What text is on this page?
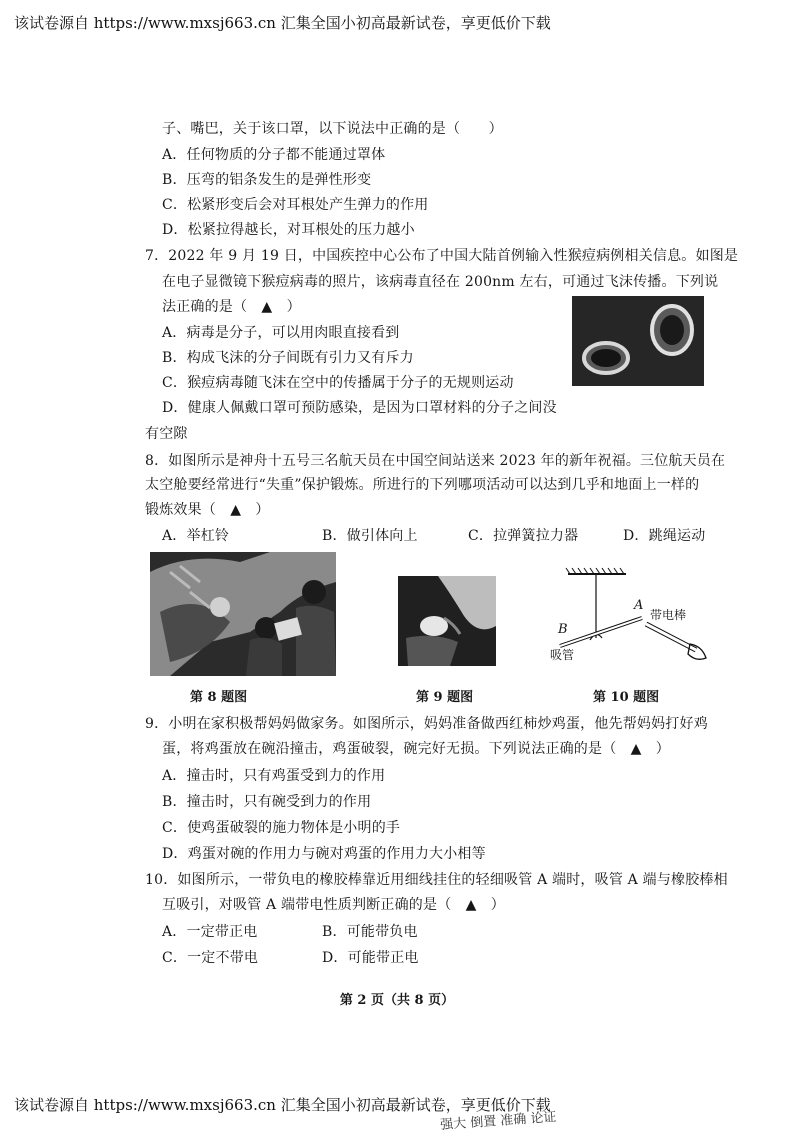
该试卷源自 https://www.mxsj663.cn 汇集全国小初高最新试卷，享更低价下载
子、嘴巴，关于该口罩，以下说法中正确的是（　　）
A．任何物质的分子都不能通过罩体
B．压弯的铝条发生的是弹性形变
C．松紧形变后会对耳根处产生弹力的作用
D．松紧拉得越长，对耳根处的压力越小
7．2022 年 9 月 19 日，中国疾控中心公布了中国大陆首例输入性猴痘病例相关信息。如图是
在电子显微镜下猴痘病毒的照片，该病毒直径在 200nm 左右，可通过飞沫传播。下列说
法正确的是（　▲　）
A．病毒是分子，可以用肉眼直接看到
B．构成飞沫的分子间既有引力又有斥力
C．猴痘病毒随飞沫在空中的传播属于分子的无规则运动
D．健康人佩戴口罩可预防感染，是因为口罩材料的分子之间没
有空隙
8．如图所示是神舟十五号三名航天员在中国空间站送来 2023 年的新年祝福。三位航天员在
太空舱要经常进行“失重”保护锻炼。所进行的下列哪项活动可以达到几乎和地面上一样的
锻炼效果（　▲　）
A．举杠铃	B．做引体向上	C．拉弹簧拉力器	D．跳绳运动
第 8 题图	第 9 题图
B
A
带电棒
吸管
第 10 题图
9．小明在家积极帮妈妈做家务。如图所示，妈妈准备做西红柿炒鸡蛋，他先帮妈妈打好鸡
蛋，将鸡蛋放在碗沿撞击，鸡蛋破裂，碗完好无损。下列说法正确的是（　▲　）
A．撞击时，只有鸡蛋受到力的作用
B．撞击时，只有碗受到力的作用
C．使鸡蛋破裂的施力物体是小明的手
D．鸡蛋对碗的作用力与碗对鸡蛋的作用力大小相等
10．如图所示，一带负电的橡胶棒靠近用细线挂住的轻细吸管 A 端时，吸管 A 端与橡胶棒相
互吸引，对吸管 A 端带电性质判断正确的是（　▲　）
A．一定带正电	B．可能带负电
C．一定不带电	D．可能带正电
第 2 页（共 8 页）
该试卷源自 https://www.mxsj663.cn 汇集全国小初高最新试卷，享更低价下载
强大 倒置 准确 论证
